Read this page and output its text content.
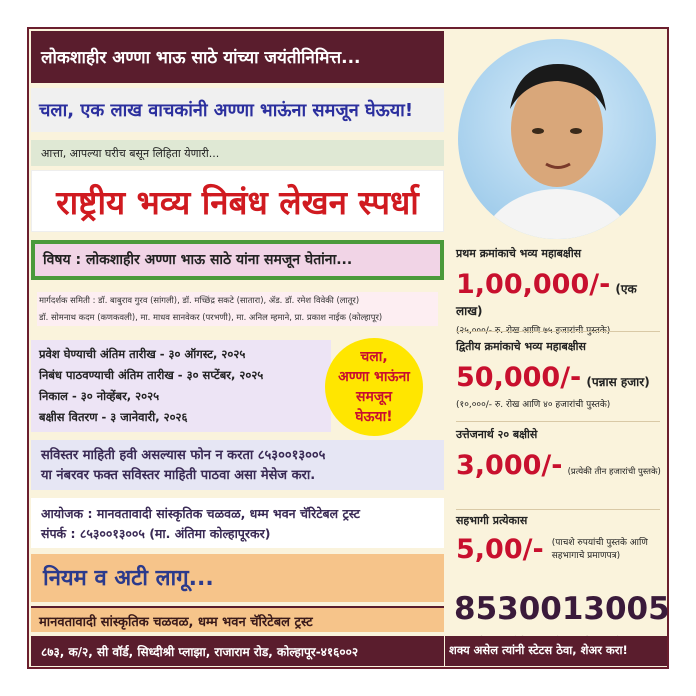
लोकशाहीर अण्णा भाऊ साठे यांच्या जयंतीनिमित्त...
चला, एक लाख वाचकांनी अण्णा भाऊंना समजून घेऊया!
आत्ता, आपल्या घरीच बसून लिहिता येणारी...
राष्ट्रीय भव्य निबंध लेखन स्पर्धा
विषय : लोकशाहीर अण्णा भाऊ साठे यांना समजून घेतांना...
मार्गदर्शक समिती : डॉ. बाबुराव गुरव (सांगली), डॉ. मच्छिंद्र सकटे (सातारा), ॲड. डॉ. रमेश विवेकी (लातूर)
डॉ. सोमनाथ कदम (कणकवली), मा. माधव सानवेकर (परभणी), मा. अनिल म्हमाने, प्रा. प्रकाश नाईक (कोल्हापूर)
प्रवेश घेण्याची अंतिम तारीख - ३० ऑगस्ट, २०२५
निबंध पाठवण्याची अंतिम तारीख - ३० सप्टेंबर, २०२५
निकाल - ३० नोव्हेंबर, २०२५
बक्षीस वितरण - ३ जानेवारी, २०२६
चला,
अण्णा भाऊंना
समजून
घेऊया!
सविस्तर माहिती हवी असल्यास फोन न करता ८५३००१३००५
या नंबरवर फक्त सविस्तर माहिती पाठवा असा मेसेज करा.
आयोजक : मानवतावादी सांस्कृतिक चळवळ, धम्म भवन चॅरिटेबल ट्रस्ट
संपर्क : ८५३००१३००५ (मा. अंतिमा कोल्हापूरकर)
नियम व अटी लागू...
मानवतावादी सांस्कृतिक चळवळ, धम्म भवन चॅरिटेबल ट्रस्ट
८७३, क/२, सी वॉर्ड, सिध्दीश्री प्लाझा, राजाराम रोड, कोल्हापूर-४१६००२
प्रथम क्रमांकाचे भव्य महाबक्षीस
1,00,000/- (एक लाख)
(२५,०००/- रु. रोख आणि ७५ हजारांची पुस्तके)
द्वितीय क्रमांकाचे भव्य महाबक्षीस
50,000/- (पन्नास हजार)
(१०,०००/- रु. रोख आणि ४० हजारांची पुस्तके)
उत्तेजनार्थ २० बक्षीसे
3,000/- (प्रत्येकी तीन हजारांची पुस्तके)
सहभागी प्रत्येकास
5,00/- (पाचशे रुपयांची पुस्तके आणि सहभागाचे प्रमाणपत्र)
8530013005
शक्य असेल त्यांनी स्टेटस ठेवा, शेअर करा!
